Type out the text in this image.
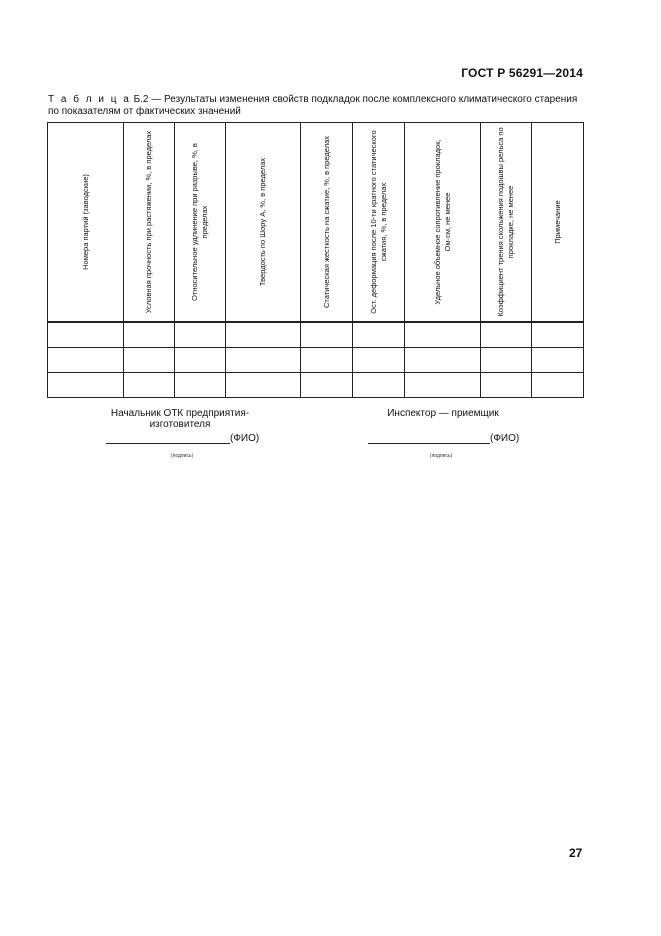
ГОСТ Р 56291—2014
Т а б л и ц а Б.2 — Результаты изменения свойств подкладок после комплексного климатического старения по показателям от фактических значений
Номера партий (заводские)	Условная прочность при растяжении, %, в пределах	Относительное удлинение при разрыве, %, в пределах	Твердость по Шору А, %, в пределах	Статическая жесткость на сжатие, %, в пределах	Ост. деформация после 10-ти кратного статического сжатия, %, в пределах	Удельное объемное сопротивление прокладок, Ом·см, не менее	Коэффициент трения скольжения подошвы рельса по прокладке, не менее	Примечание

Начальник ОТК предприятия-изготовителя
(ФИО)
(подпись)
Инспектор — приемщик
(ФИО)
(подпись)
27
